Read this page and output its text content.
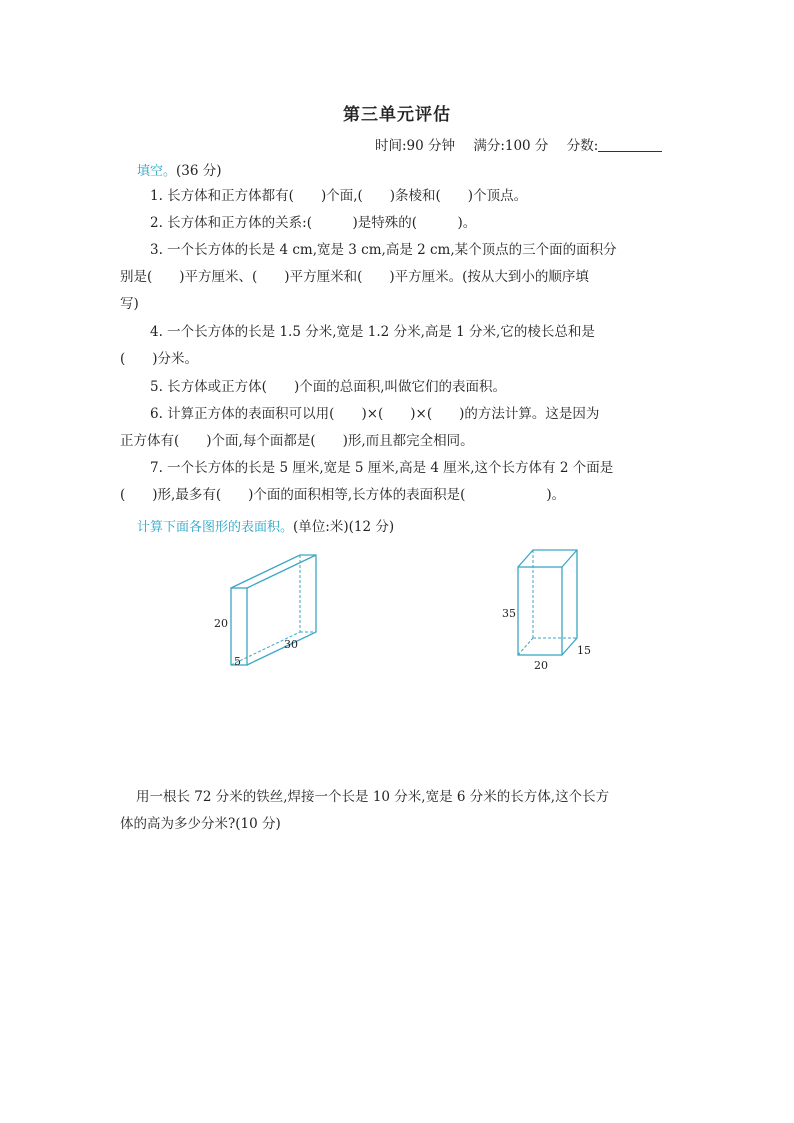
第三单元评估
时间:90 分钟 满分:100 分 分数:
填空。(36 分)
1. 长方体和正方体都有(　　)个面,(　　)条棱和(　　)个顶点。
2. 长方体和正方体的关系:(　　　)是特殊的(　　　)。
3. 一个长方体的长是 4 cm,宽是 3 cm,高是 2 cm,某个顶点的三个面的面积分
别是(　　)平方厘米、(　　)平方厘米和(　　)平方厘米。(按从大到小的顺序填
写)
4. 一个长方体的长是 1.5 分米,宽是 1.2 分米,高是 1 分米,它的棱长总和是
(　　)分米。
5. 长方体或正方体(　　)个面的总面积,叫做它们的表面积。
6. 计算正方体的表面积可以用(　　)×(　　)×(　　)的方法计算。这是因为
正方体有(　　)个面,每个面都是(　　)形,而且都完全相同。
7. 一个长方体的长是 5 厘米,宽是 5 厘米,高是 4 厘米,这个长方体有 2 个面是
(　　)形,最多有(　　)个面的面积相等,长方体的表面积是(　　　　　　)。
计算下面各图形的表面积。(单位:米)(12 分)
20
30
5
35
20
15
用一根长 72 分米的铁丝,焊接一个长是 10 分米,宽是 6 分米的长方体,这个长方
体的高为多少分米?(10 分)
